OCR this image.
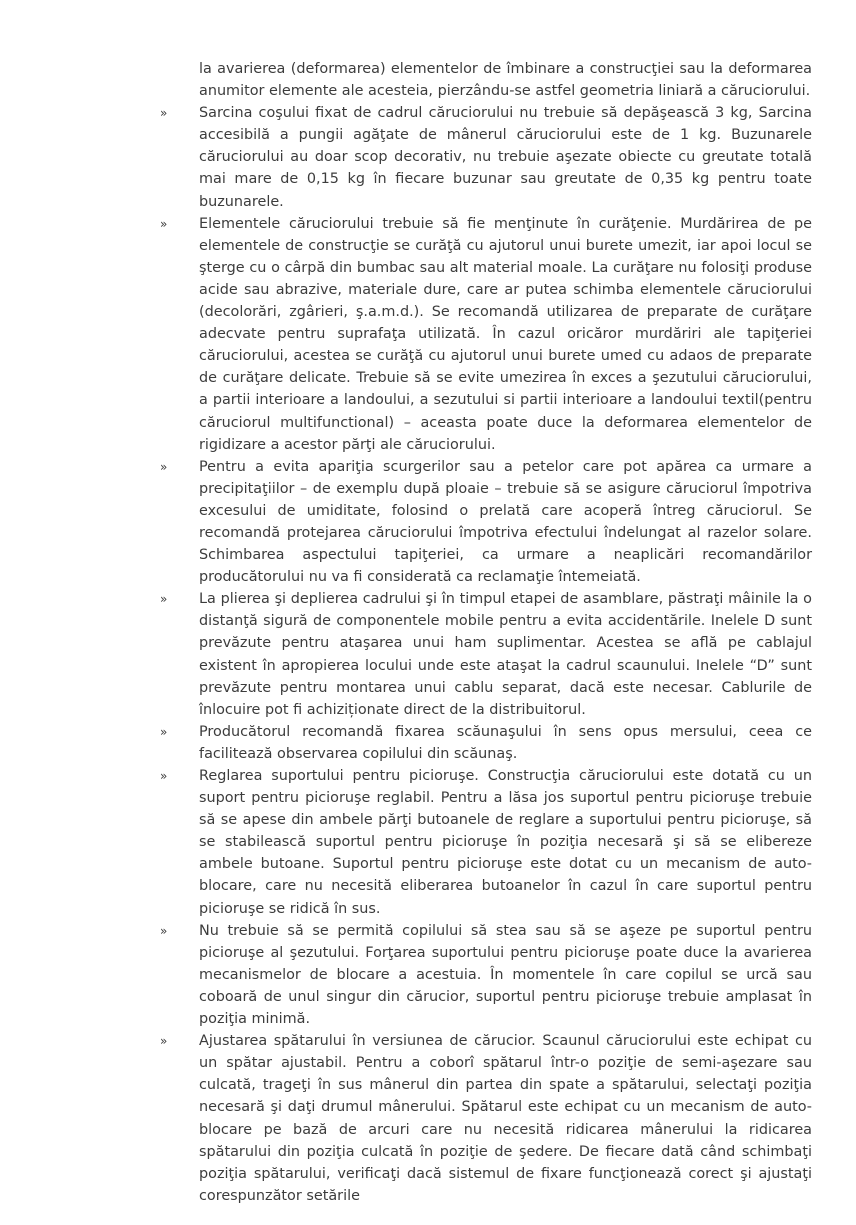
la avarierea (deformarea) elementelor de îmbinare a construcţiei sau la deformarea anumitor elemente ale acesteia, pierzându-se astfel geometria liniară a căruciorului.
»	Sarcina coşului fixat de cadrul căruciorului nu trebuie să depăşească 3 kg, Sarcina accesibilă a pungii agăţate de mânerul căruciorului este de 1 kg. Buzunarele căruciorului au doar scop decorativ, nu trebuie aşezate obiecte cu greutate totală mai mare de 0,15 kg în fiecare buzunar sau greutate de 0,35 kg pentru toate buzunarele.
»	Elementele căruciorului trebuie să fie menţinute în curăţenie. Murdărirea de pe elementele de construcţie se curăţă cu ajutorul unui burete umezit, iar apoi locul se şterge cu o cârpă din bumbac sau alt material moale. La curăţare nu folosiţi produse acide sau abrazive, materiale dure, care ar putea schimba elementele căruciorului (decolorări, zgârieri, ş.a.m.d.). Se recomandă utilizarea de preparate de curăţare adecvate pentru suprafaţa utilizată. În cazul oricăror murdăriri ale tapiţeriei căruciorului, acestea se curăţă cu ajutorul unui burete umed cu adaos de preparate de curăţare delicate. Trebuie să se evite umezirea în exces a şezutului căruciorului, a partii interioare a landoului, a sezutului si partii interioare a landoului textil(pentru căruciorul multifunctional) – aceasta poate duce la deformarea elementelor de rigidizare a acestor părţi ale căruciorului.
»	Pentru a evita apariţia scurgerilor sau a petelor care pot apărea ca urmare a precipitaţiilor – de exemplu după ploaie – trebuie să se asigure căruciorul împotriva excesului de umiditate, folosind o prelată care acoperă întreg căruciorul. Se recomandă protejarea căruciorului împotriva efectului îndelungat al razelor solare. Schimbarea aspectului tapiţeriei, ca urmare a neaplicări recomandărilor producătorului nu va fi considerată ca reclamaţie întemeiată.
»	La plierea şi deplierea cadrului şi în timpul etapei de asamblare, păstraţi mâinile la o distanţă sigură de componentele mobile pentru a evita accidentările. Inelele D sunt prevăzute pentru ataşarea unui ham suplimentar. Acestea se află pe cablajul existent în apropierea locului unde este ataşat la cadrul scaunului. Inelele “D” sunt prevăzute pentru montarea unui cablu separat, dacă este necesar. Cablurile de înlocuire pot fi achiziționate direct de la distribuitorul.
»	Producătorul recomandă fixarea scăunaşului în sens opus mersului, ceea ce facilitează observarea copilului din scăunaş.
»	Reglarea suportului pentru picioruşe. Construcţia căruciorului este dotată cu un suport pentru picioruşe reglabil. Pentru a lăsa jos suportul pentru picioruşe trebuie să se apese din ambele părţi butoanele de reglare a suportului pentru picioruşe, să se stabilească suportul pentru picioruşe în poziţia necesară şi să se elibereze ambele butoane. Suportul pentru picioruşe este dotat cu un mecanism de auto-blocare, care nu necesită eliberarea butoanelor în cazul în care suportul pentru picioruşe se ridică în sus.
»	Nu trebuie să se permită copilului să stea sau să se aşeze pe suportul pentru picioruşe al şezutului. Forţarea suportului pentru picioruşe poate duce la avarierea mecanismelor de blocare a acestuia. În momentele în care copilul se urcă sau coboară de unul singur din cărucior, suportul pentru picioruşe trebuie amplasat în poziţia minimă.
»	Ajustarea spătarului în versiunea de cărucior. Scaunul căruciorului este echipat cu un spătar ajustabil. Pentru a coborî spătarul într-o poziţie de semi-aşezare sau culcată, trageţi în sus mânerul din partea din spate a spătarului, selectaţi poziţia necesară şi daţi drumul mânerului. Spătarul este echipat cu un mecanism de auto-blocare pe bază de arcuri care nu necesită ridicarea mânerului la ridicarea spătarului din poziţia culcată în poziţie de şedere. De fiecare dată când schimbaţi poziţia spătarului, verificaţi dacă sistemul de fixare funcţionează corect şi ajustaţi corespunzător setările
